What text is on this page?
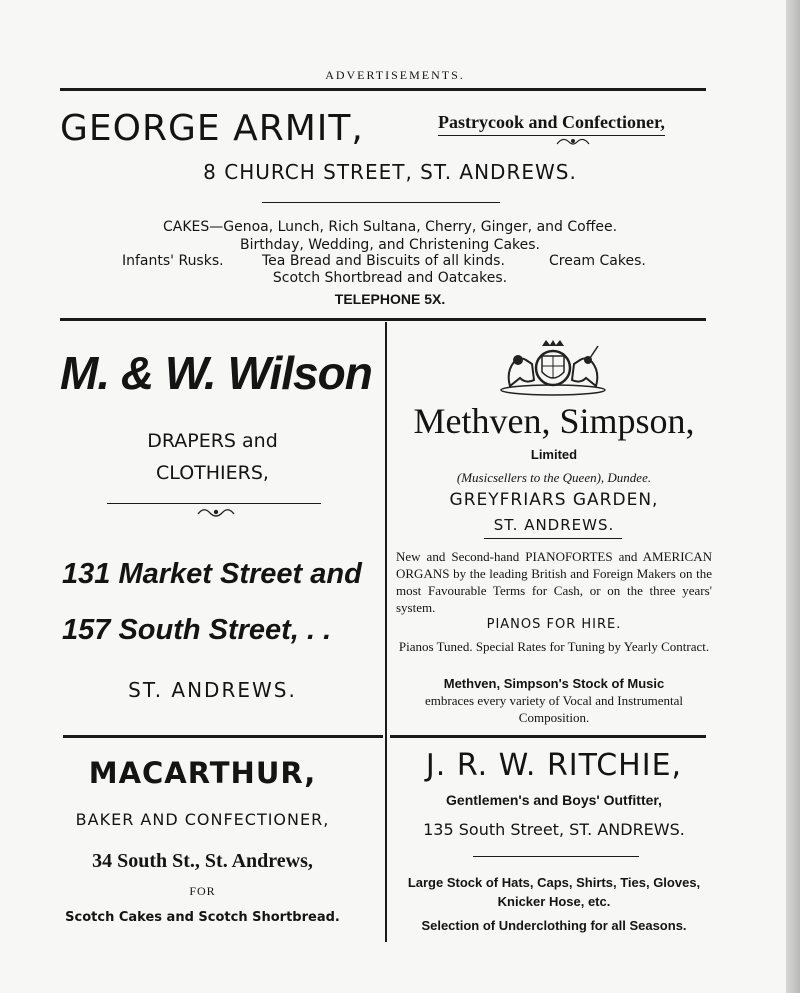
ADVERTISEMENTS.
GEORGE ARMIT,	Pastrycook and Confectioner,
8 CHURCH STREET, ST. ANDREWS.
CAKES—Genoa, Lunch, Rich Sultana, Cherry, Ginger, and Coffee.
Birthday, Wedding, and Christening Cakes.
Infants' Rusks.	Tea Bread and Biscuits of all kinds.	Cream Cakes.
Scotch Shortbread and Oatcakes.
TELEPHONE 5X.
M. & W. Wilson
DRAPERS and
CLOTHIERS,
131 Market Street and
157 South Street, . .
ST. ANDREWS.
MACARTHUR,
BAKER AND CONFECTIONER,
34 South St., St. Andrews,
FOR
Scotch Cakes and Scotch Shortbread.
Methven, Simpson,
Limited
(Musicsellers to the Queen), Dundee.
GREYFRIARS GARDEN,
ST. ANDREWS.
New and Second-hand PIANOFORTES and AMERICAN ORGANS by the leading British and Foreign Makers on the most Favourable Terms for Cash, or on the three years' system.
PIANOS FOR HIRE.
Pianos Tuned. Special Rates for Tuning by Yearly Contract.
Methven, Simpson's Stock of Music
embraces every variety of Vocal and Instrumental Composition.
J. R. W. RITCHIE,
Gentlemen's and Boys' Outfitter,
135 South Street, ST. ANDREWS.
Large Stock of Hats, Caps, Shirts, Ties, Gloves,
Knicker Hose, etc.
Selection of Underclothing for all Seasons.
